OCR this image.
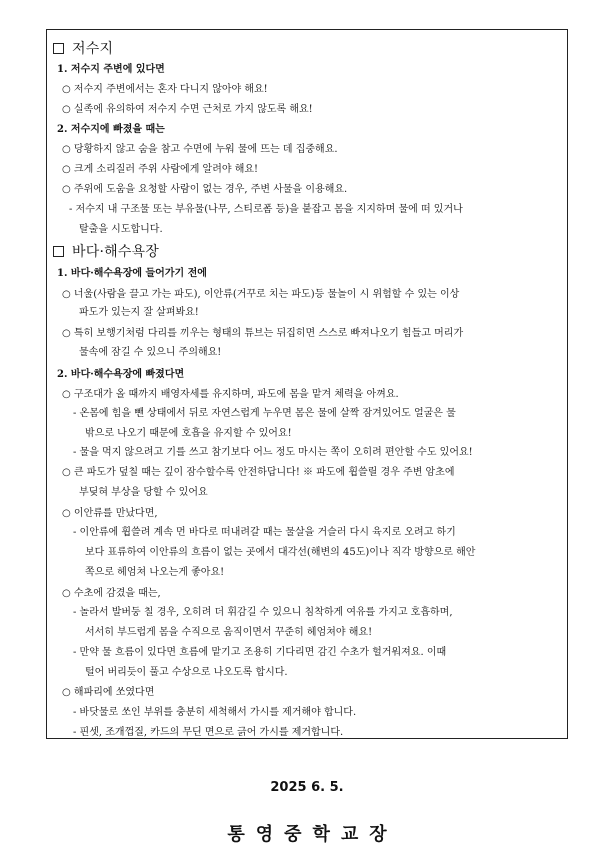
저수지
1. 저수지 주변에 있다면
○ 저수지 주변에서는 혼자 다니지 않아야 해요!
○ 실족에 유의하여 저수지 수면 근처로 가지 않도록 해요!
2. 저수지에 빠졌을 때는
○ 당황하지 않고 숨을 참고 수면에 누워 물에 뜨는 데 집중해요.
○ 크게 소리질러 주위 사람에게 알려야 해요!
○ 주위에 도움을 요청할 사람이 없는 경우, 주변 사물을 이용해요.
- 저수지 내 구조물 또는 부유물(나무, 스티로폼 등)을 붙잡고 몸을 지지하며 물에 떠 있거나
탈출을 시도합니다.
바다·해수욕장
1. 바다·해수욕장에 들어가기 전에
○ 너울(사람을 끌고 가는 파도), 이안류(거꾸로 치는 파도)등 물놀이 시 위험할 수 있는 이상
파도가 있는지 잘 살펴봐요!
○ 특히 보행기처럼 다리를 끼우는 형태의 튜브는 뒤집히면 스스로 빠져나오기 힘들고 머리가
물속에 잠길 수 있으니 주의해요!
2. 바다·해수욕장에 빠졌다면
○ 구조대가 올 때까지 배영자세를 유지하며, 파도에 몸을 맡겨 체력을 아껴요.
- 온몸에 힘을 뺀 상태에서 뒤로 자연스럽게 누우면 몸은 물에 살짝 잠겨있어도 얼굴은 물
밖으로 나오기 때문에 호흡을 유지할 수 있어요!
- 물을 먹지 않으려고 기를 쓰고 참기보다 어느 정도 마시는 쪽이 오히려 편안할 수도 있어요!
○ 큰 파도가 덮칠 때는 깊이 잠수할수록 안전하답니다! ※ 파도에 휩쓸릴 경우 주변 암초에
부딪혀 부상을 당할 수 있어요
○ 이안류를 만났다면,
- 이안류에 휩쓸려 계속 먼 바다로 떠내려갈 때는 물살을 거슬러 다시 육지로 오려고 하기
보다 표류하여 이안류의 흐름이 없는 곳에서 대각선(해변의 45도)이나 직각 방향으로 해안
쪽으로 헤엄쳐 나오는게 좋아요!
○ 수초에 감겼을 때는,
- 놀라서 발버둥 칠 경우, 오히려 더 휘감길 수 있으니 침착하게 여유를 가지고 호흡하며,
서서히 부드럽게 몸을 수직으로 움직이면서 꾸준히 헤엄쳐야 해요!
- 만약 물 흐름이 있다면 흐름에 맡기고 조용히 기다리면 감긴 수초가 헐거워져요. 이때
털어 버리듯이 풀고 수상으로 나오도록 합시다.
○ 해파리에 쏘였다면
- 바닷물로 쏘인 부위를 충분히 세척해서 가시를 제거해야 합니다.
- 핀셋, 조개껍질, 카드의 무딘 면으로 긁어 가시를 제거합니다.
2025 6. 5.
통영중학교장
